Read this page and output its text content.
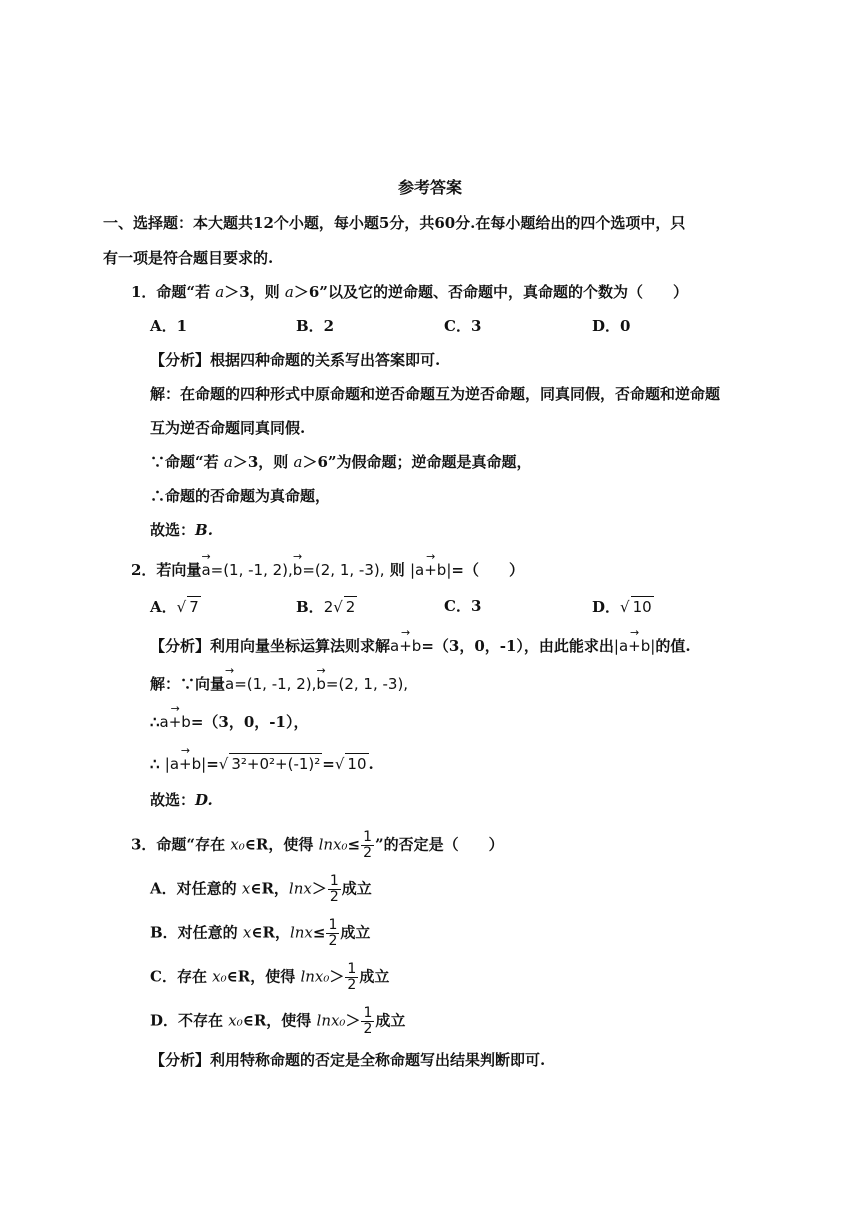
参考答案
一、选择题：本大题共12个小题，每小题5分，共60分.在每小题给出的四个选项中，只
有一项是符合题目要求的.
1．命题“若 a＞3，则 a＞6”以及它的逆命题、否命题中，真命题的个数为（　　）
A．1	B．2	C．3	D．0
【分析】根据四种命题的关系写出答案即可.
解：在命题的四种形式中原命题和逆否命题互为逆否命题，同真同假，否命题和逆命题
互为逆否命题同真同假.
∵命题“若 a＞3，则 a＞6”为假命题；逆命题是真命题，
∴命题的否命题为真命题，
故选：B.
2．若向量→ a=(1, -1, 2),→ b=(2, 1, -3), 则 |→ a+b|=（　　）
A．√ 7	B．2√ 2	C．3	D．√ 10
【分析】利用向量坐标运算法则求解→ a+b=（3，0，-1），由此能求出|→ a+b|的值.
解：∵向量→ a=(1, -1, 2),→ b=(2, 1, -3),
∴→ a+b=（3，0，-1），
∴ |→ a+b|=√ 3²+0²+(-1)² =√ 10 .
故选：D.
3．命题“存在 x₀∈R，使得 $\ln x_0\le \frac{1}{2}$ ”的否定是（　　）
A．对任意的 x∈R，$\ln x> \frac{1}{2}$ 成立
B．对任意的 x∈R，$\ln x\le \frac{1}{2}$ 成立
C．存在 x₀∈R，使得 $\ln x_0> \frac{1}{2}$ 成立
D．不存在 x₀∈R，使得 $\ln x_0> \frac{1}{2}$ 成立
【分析】利用特称命题的否定是全称命题写出结果判断即可.
